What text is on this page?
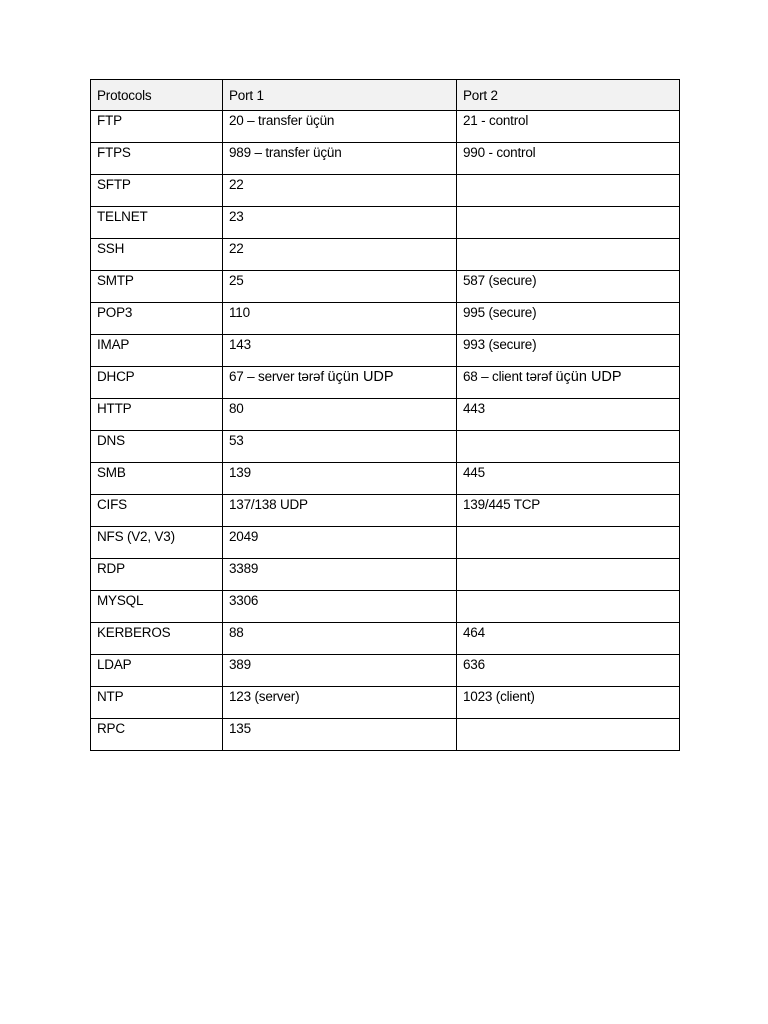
Protocols	Port 1	Port 2
FTP	20 – transfer üçün	21 - control
FTPS	989 – transfer üçün	990 - control
SFTP	22	
TELNET	23	
SSH	22	
SMTP	25	587 (secure)
POP3	110	995 (secure)
IMAP	143	993 (secure)
DHCP	67 – server tərəf üçün UDP	68 – client tərəf üçün UDP
HTTP	80	443
DNS	53	
SMB	139	445
CIFS	137/138 UDP	139/445 TCP
NFS (V2, V3)	2049	
RDP	3389	
MYSQL	3306	
KERBEROS	88	464
LDAP	389	636
NTP	123 (server)	1023 (client)
RPC	135	
